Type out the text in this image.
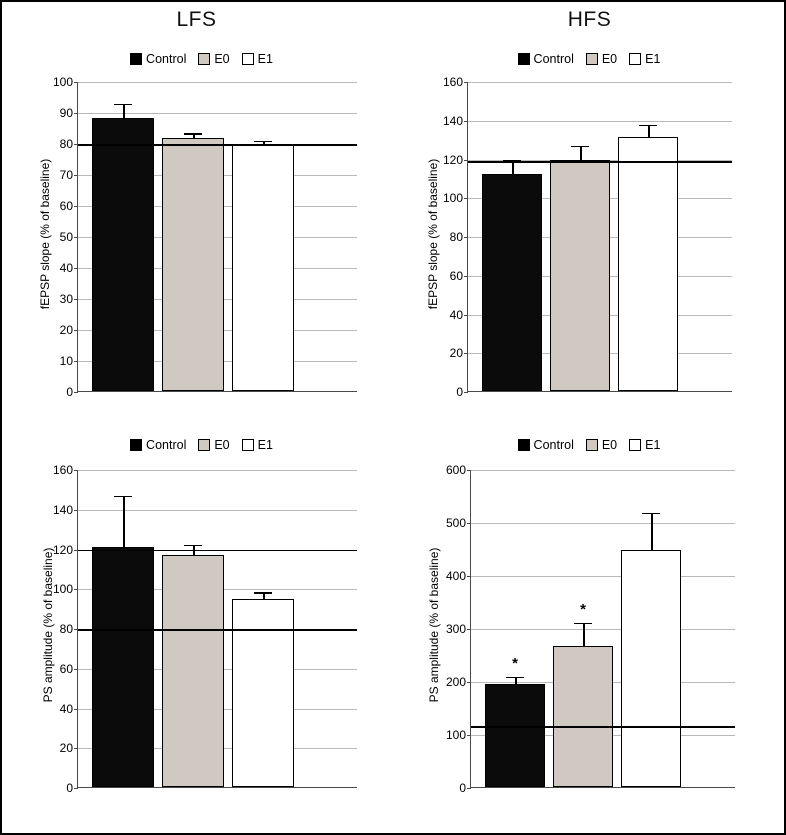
LFS	HFS
Control E0 E1
fEPSP slope (% of baseline)
0
10
20
30
40
50
60
70
80
90
100
Control E0 E1
fEPSP slope (% of baseline)
0
20
40
60
80
100
120
140
160
Control E0 E1
PS amplitude (% of baseline)
0
20
40
60
80
100
120
140
160
Control E0 E1
PS amplitude (% of baseline)
0
100
200
300
400
500
600
*
*
